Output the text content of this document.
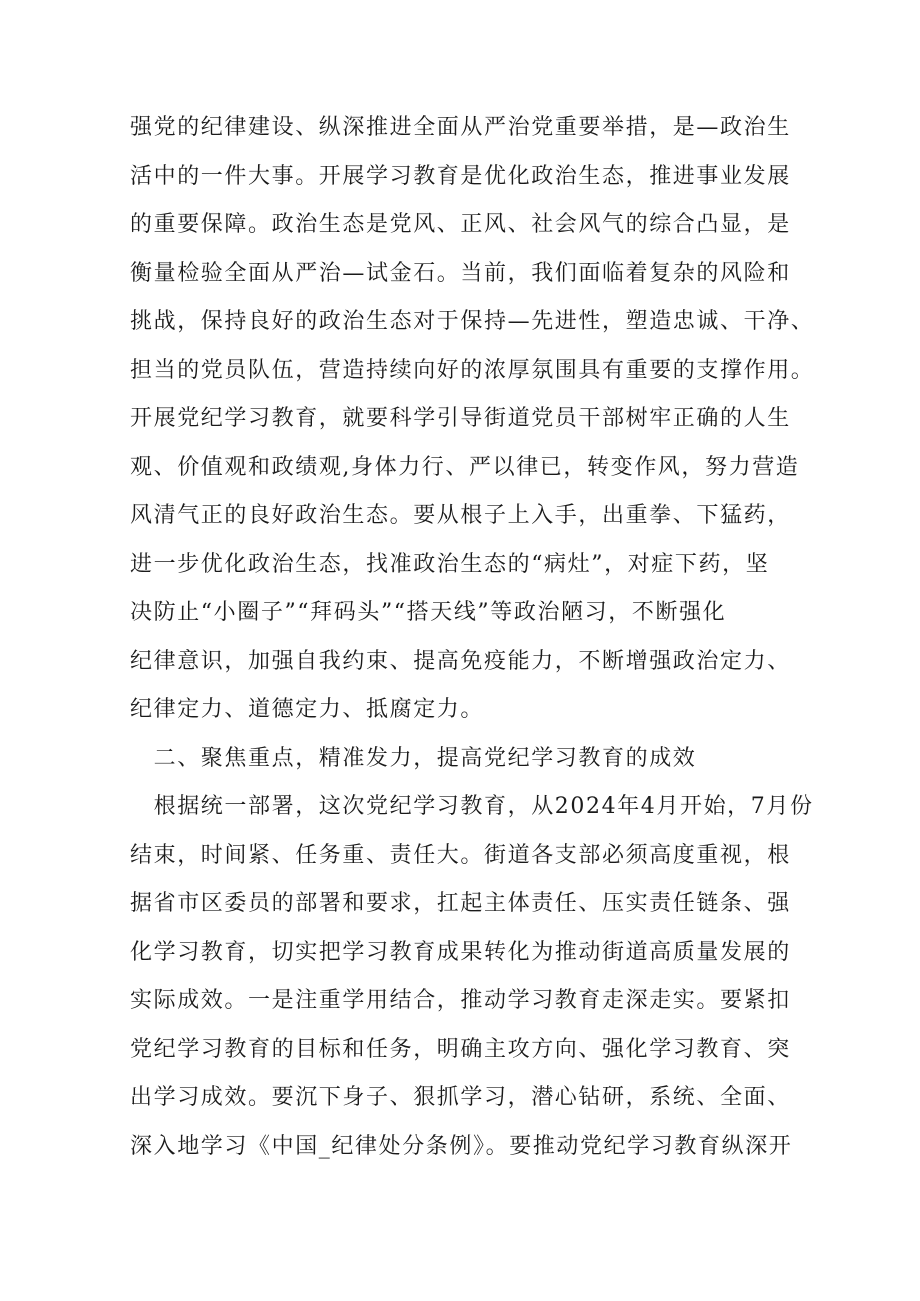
强党的纪律建设、纵深推进全面从严治党重要举措，是—政治生
活中的一件大事。开展学习教育是优化政治生态，推进事业发展
的重要保障。政治生态是党风、正风、社会风气的综合凸显，是
衡量检验全面从严治—试金石。当前，我们面临着复杂的风险和
挑战，保持良好的政治生态对于保持—先进性，塑造忠诚、干净、
担当的党员队伍，营造持续向好的浓厚氛围具有重要的支撑作用。
开展党纪学习教育，就要科学引导街道党员干部树牢正确的人生
观、价值观和政绩观,身体力行、严以律已，转变作风，努力营造
风清气正的良好政治生态。要从根子上入手，出重拳、下猛药，
进一步优化政治生态，找准政治生态的“病灶”，对症下药，坚
决防止“小圈子”“拜码头”“搭天线”等政治陋习，不断强化
纪律意识，加强自我约束、提高免疫能力，不断增强政治定力、
纪律定力、道德定力、抵腐定力。
　二、聚焦重点，精准发力，提高党纪学习教育的成效
　根据统一部署，这次党纪学习教育，从2024年4月开始，7月份
结束，时间紧、任务重、责任大。街道各支部必须高度重视，根
据省市区委员的部署和要求，扛起主体责任、压实责任链条、强
化学习教育，切实把学习教育成果转化为推动街道高质量发展的
实际成效。一是注重学用结合，推动学习教育走深走实。要紧扣
党纪学习教育的目标和任务，明确主攻方向、强化学习教育、突
出学习成效。要沉下身子、狠抓学习，潜心钻研，系统、全面、
深入地学习《中国_纪律处分条例》。要推动党纪学习教育纵深开
